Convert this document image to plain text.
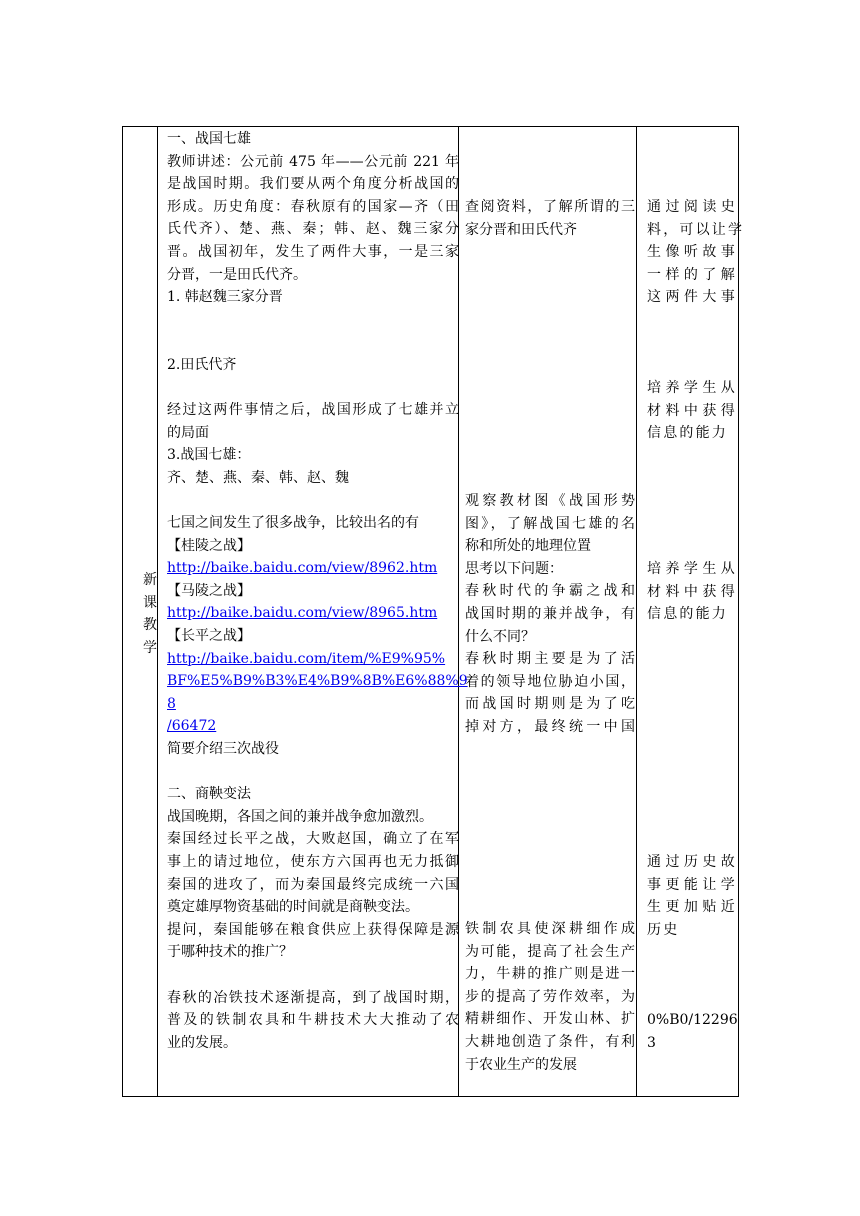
新
课
教
学
一、战国七雄
教师讲述：公元前 475 年——公元前 221 年
是战国时期。我们要从两个角度分析战国的
形成。历史角度：春秋原有的国家—齐（田
氏代齐）、楚、燕、秦；韩、赵、魏三家分
晋。战国初年，发生了两件大事，一是三家
分晋，一是田氏代齐。
1. 韩赵魏三家分晋
2.田氏代齐
经过这两件事情之后，战国形成了七雄并立
的局面
3.战国七雄：
齐、楚、燕、秦、韩、赵、魏
七国之间发生了很多战争，比较出名的有
【桂陵之战】
http://baike.baidu.com/view/8962.htm
【马陵之战】
http://baike.baidu.com/view/8965.htm
【长平之战】
http://baike.baidu.com/item/%E9%95%
BF%E5%B9%B3%E4%B9%8B%E6%88%9
8
/66472
简要介绍三次战役
二、商鞅变法
战国晚期，各国之间的兼并战争愈加激烈。
秦国经过长平之战，大败赵国，确立了在军
事上的请过地位，使东方六国再也无力抵御
秦国的进攻了，而为秦国最终完成统一六国
奠定雄厚物资基础的时间就是商鞅变法。
提问，秦国能够在粮食供应上获得保障是源
于哪种技术的推广？
春秋的冶铁技术逐渐提高，到了战国时期，
普及的铁制农具和牛耕技术大大推动了农
业的发展。
查阅资料，了解所谓的三
家分晋和田氏代齐
观察教材图《战国形势
图》，了解战国七雄的名
称和所处的地理位置
思考以下问题：
春秋时代的争霸之战和
战国时期的兼并战争，有
什么不同？
春秋时期主要是为了活
着的领导地位胁迫小国，
而战国时期则是为了吃
掉对方，最终统一中国
铁制农具使深耕细作成
为可能，提高了社会生产
力，牛耕的推广则是进一
步的提高了劳作效率，为
精耕细作、开发山林、扩
大耕地创造了条件，有利
于农业生产的发展
通过阅读史
料，可以让学
生像听故事
一样的了解
这两件大事
培养学生从
材料中获得
信息的能力
培养学生从
材料中获得
信息的能力
通过历史故
事更能让学
生更加贴近
历史
0%B0/12296
3
